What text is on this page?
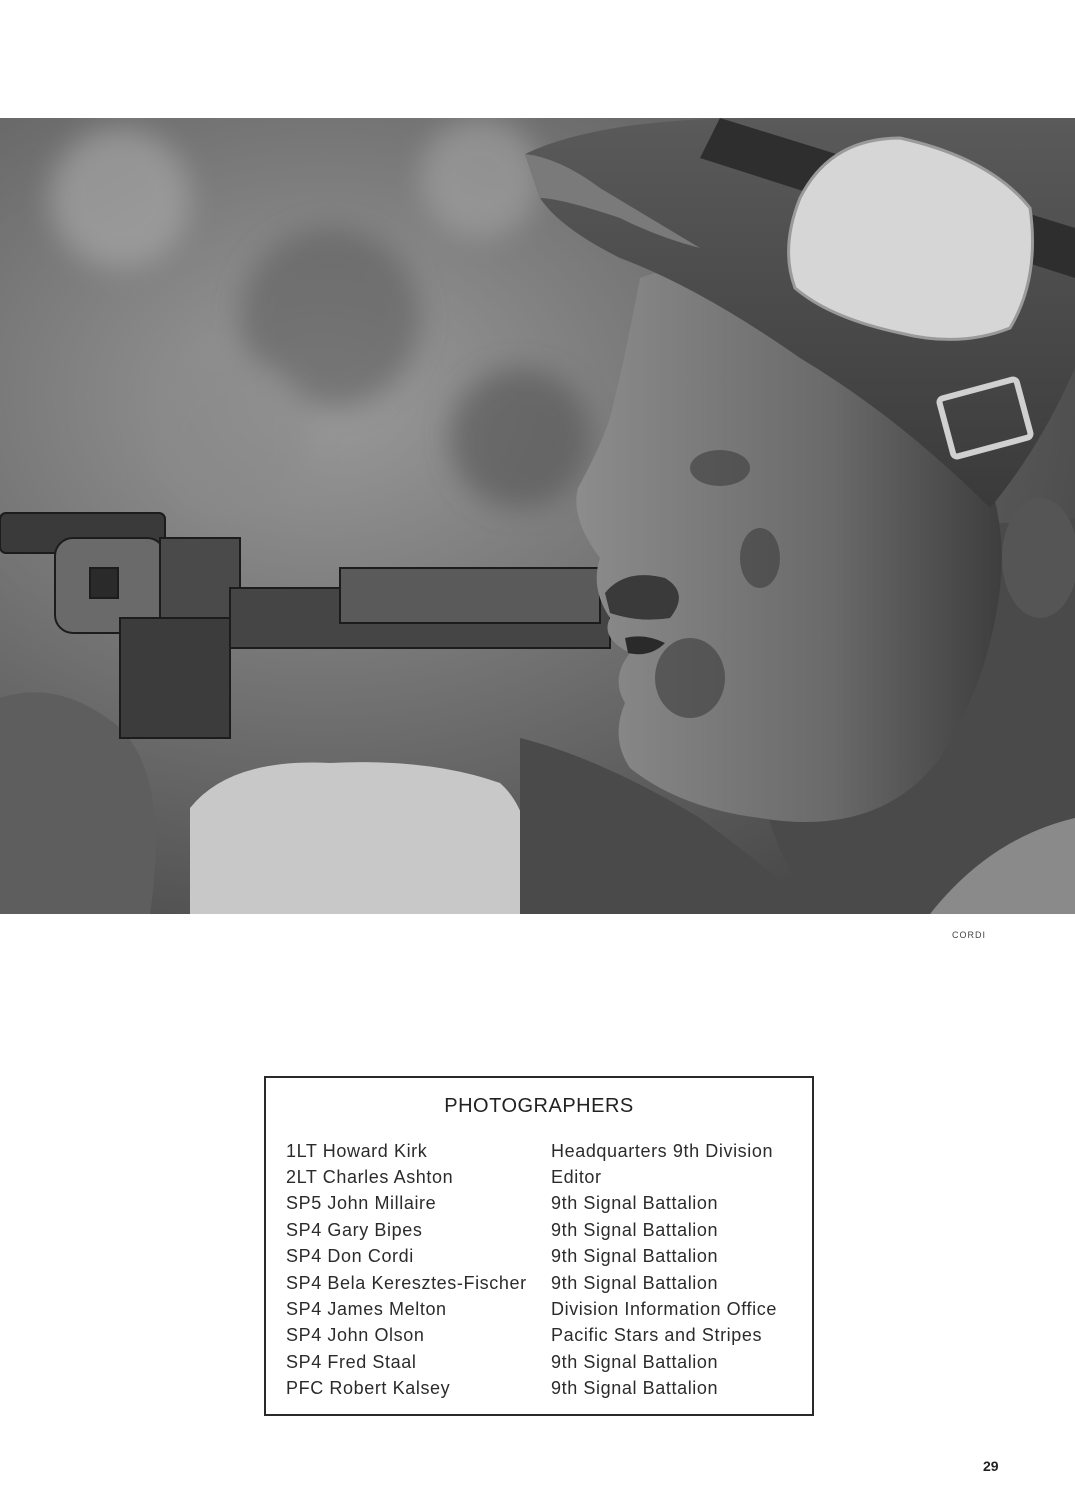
CORDI
PHOTOGRAPHERS
1LT Howard Kirk	Headquarters 9th Division
2LT Charles Ashton	Editor
SP5 John Millaire	9th Signal Battalion
SP4 Gary Bipes	9th Signal Battalion
SP4 Don Cordi	9th Signal Battalion
SP4 Bela Keresztes-Fischer	9th Signal Battalion
SP4 James Melton	Division Information Office
SP4 John Olson	Pacific Stars and Stripes
SP4 Fred Staal	9th Signal Battalion
PFC Robert Kalsey	9th Signal Battalion
29
